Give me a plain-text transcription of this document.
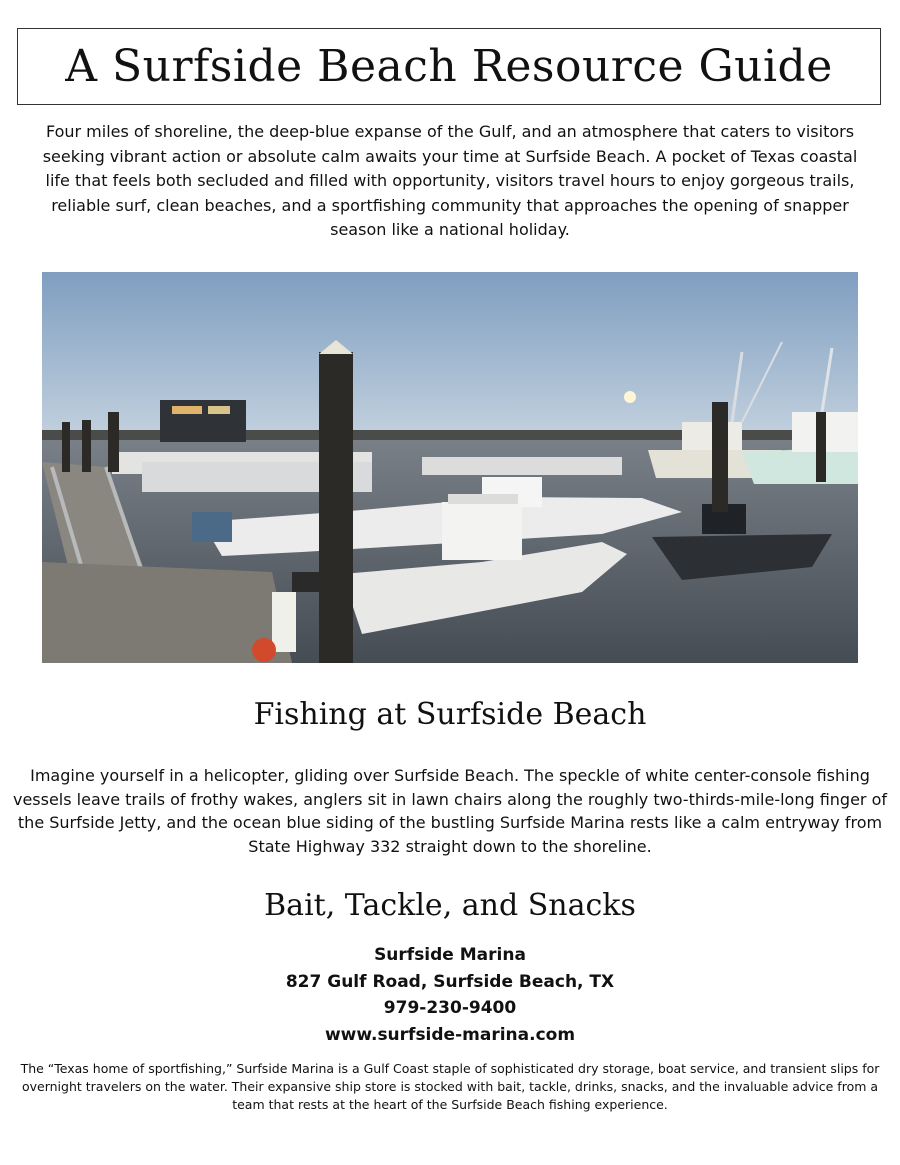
A Surfside Beach Resource Guide

Four miles of shoreline, the deep-blue expanse of the Gulf, and an atmosphere that caters to visitors seeking vibrant action or absolute calm awaits your time at Surfside Beach. A pocket of Texas coastal life that feels both secluded and filled with opportunity, visitors travel hours to enjoy gorgeous trails, reliable surf, clean beaches, and a sportfishing community that approaches the opening of snapper season like a national holiday.

Fishing at Surfside Beach

Imagine yourself in a helicopter, gliding over Surfside Beach. The speckle of white center-console fishing vessels leave trails of frothy wakes, anglers sit in lawn chairs along the roughly two-thirds-mile-long finger of the Surfside Jetty, and the ocean blue siding of the bustling Surfside Marina rests like a calm entryway from State Highway 332 straight down to the shoreline.

Bait, Tackle, and Snacks
Surfside Marina
827 Gulf Road, Surfside Beach, TX
979-230-9400
www.surfside-marina.com

The “Texas home of sportfishing,” Surfside Marina is a Gulf Coast staple of sophisticated dry storage, boat service, and transient slips for overnight travelers on the water. Their expansive ship store is stocked with bait, tackle, drinks, snacks, and the invaluable advice from a team that rests at the heart of the Surfside Beach fishing experience.
